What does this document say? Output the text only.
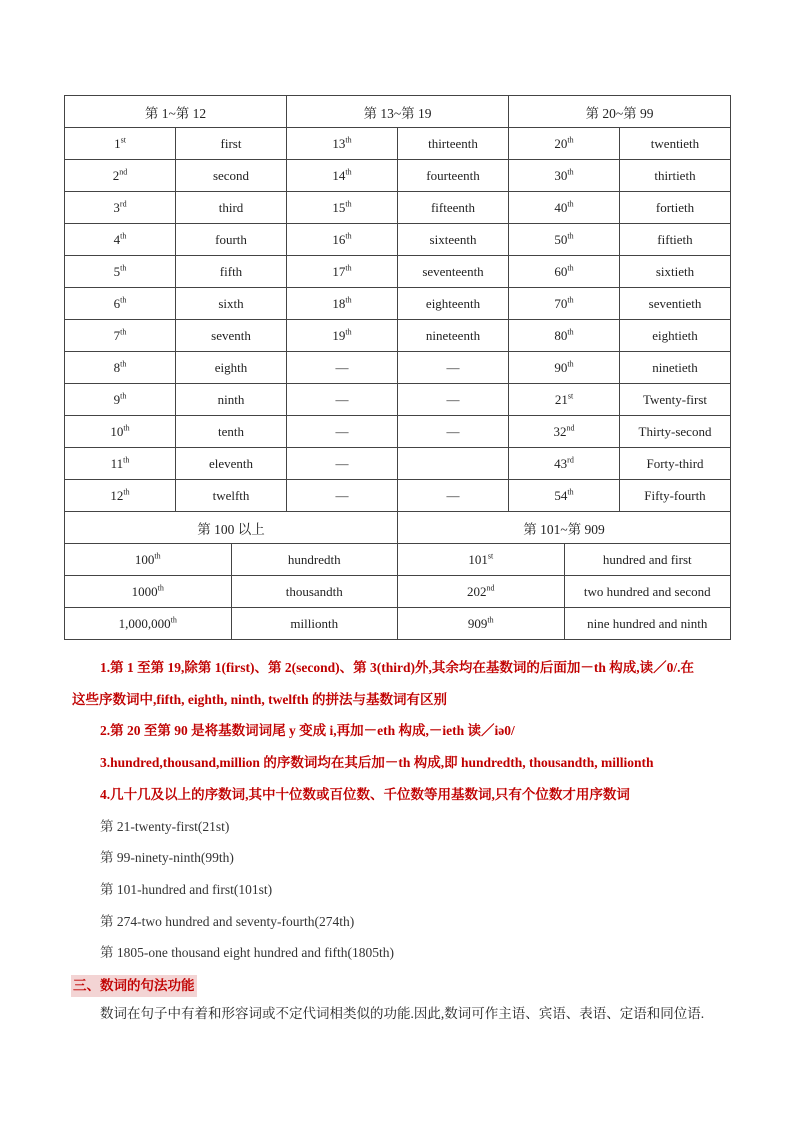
第 1~第 12			第 13~第 19		第 20~第 99		
1st	first		13th	thirteenth	20th		twentieth
2nd	second		14th	fourteenth	30th		thirtieth
3rd	third		15th	fifteenth	40th		fortieth
4th	fourth		16th	sixteenth	50th		fiftieth
5th	fifth		17th	seventeenth	60th		sixtieth
6th	sixth		18th	eighteenth	70th		seventieth
7th	seventh		19th	nineteenth	80th		eightieth
8th	eighth		—	—	90th		ninetieth
9th	ninth		—	—	21st		Twenty-first
10th	tenth		—	—	32nd		Thirty-second
11th	eleventh		—		43rd		Forty-third
12th	twelfth		—	—	54th		Fifty-fourth
第 100 以上				第 101~第 909			
100th		hundredth		101st		hundred and first	
1000th		thousandth		202nd		two hundred and second	
1,000,000th		millionth		909th		nine hundred and ninth	

1.第 1 至第 19,除第 1(first)、第 2(second)、第 3(third)外,其余均在基数词的后面加－th 构成,读／0/.在

这些序数词中,fifth, eighth, ninth, twelfth 的拼法与基数词有区别

2.第 20 至第 90 是将基数词词尾 y 变成 i,再加－eth 构成,－ieth 读／iə0/

3.hundred,thousand,million 的序数词均在其后加－th 构成,即 hundredth, thousandth, millionth

4.几十几及以上的序数词,其中十位数或百位数、千位数等用基数词,只有个位数才用序数词

第 21-twenty-first(21st)

第 99-ninety-ninth(99th)

第 101-hundred and first(101st)

第 274-two hundred and seventy-fourth(274th)

第 1805-one thousand eight hundred and fifth(1805th)

三、数词的句法功能

数词在句子中有着和形容词或不定代词相类似的功能.因此,数词可作主语、宾语、表语、定语和同位语.
